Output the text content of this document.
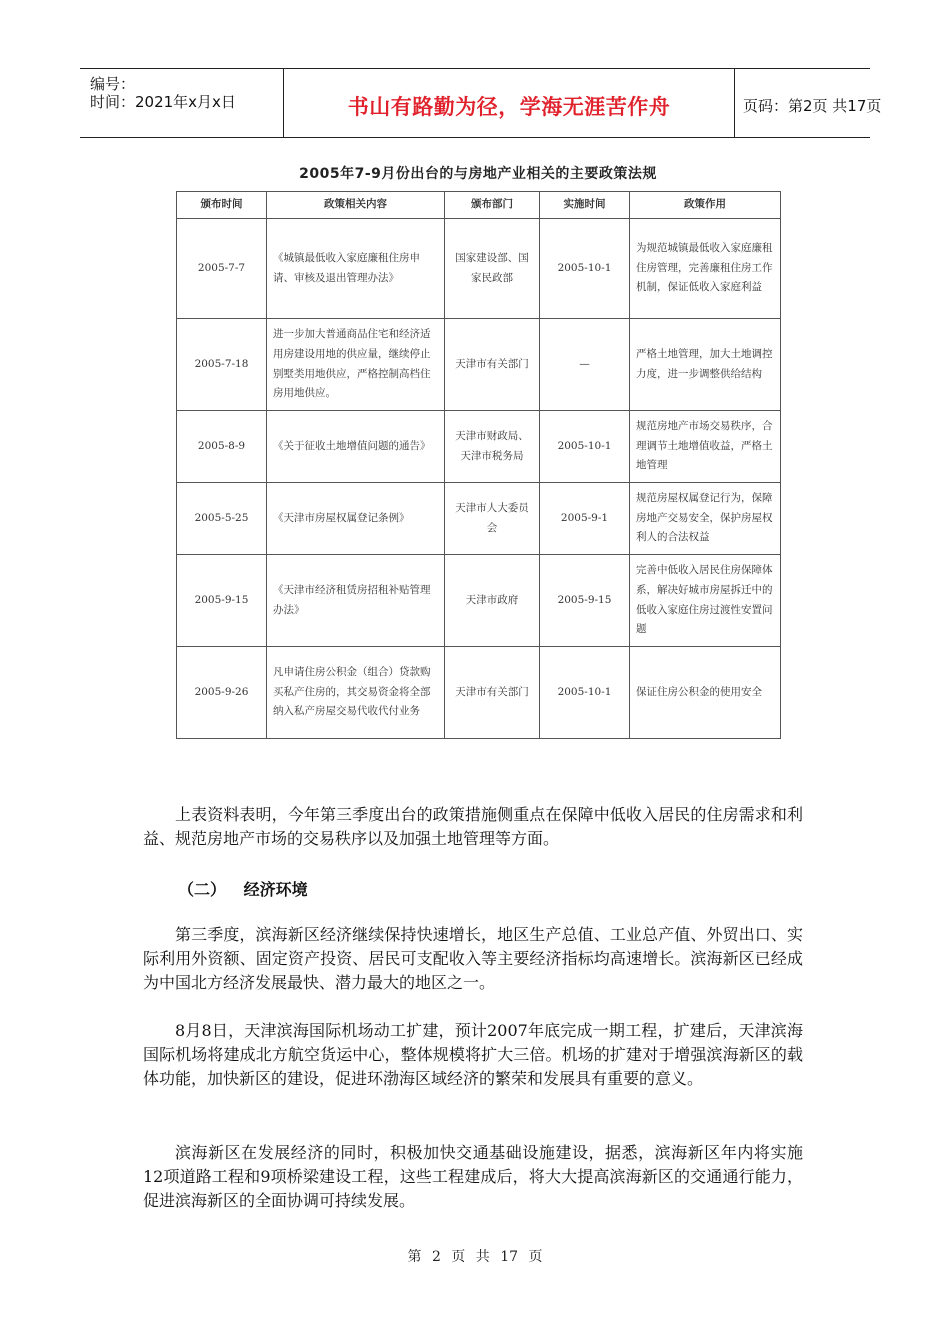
编号：
时间：2021年x月x日	书山有路勤为径，学海无涯苦作舟	页码：第2页 共17页
2005年7-9月份出台的与房地产业相关的主要政策法规
颁布时间	政策相关内容	颁布部门	实施时间	政策作用
2005-7-7	《城镇最低收入家庭廉租住房申请、审核及退出管理办法》	国家建设部、国家民政部	2005-10-1	为规范城镇最低收入家庭廉租住房管理，完善廉租住房工作机制，保证低收入家庭利益
2005-7-18	进一步加大普通商品住宅和经济适用房建设用地的供应量，继续停止别墅类用地供应，严格控制高档住房用地供应。	天津市有关部门	—	严格土地管理，加大土地调控力度，进一步调整供给结构
2005-8-9	《关于征收土地增值问题的通告》	天津市财政局、天津市税务局	2005-10-1	规范房地产市场交易秩序，合理调节土地增值收益，严格土地管理
2005-5-25	《天津市房屋权属登记条例》	天津市人大委员会	2005-9-1	规范房屋权属登记行为，保障房地产交易安全，保护房屋权利人的合法权益
2005-9-15	《天津市经济租赁房招租补贴管理办法》	天津市政府	2005-9-15	完善中低收入居民住房保障体系，解决好城市房屋拆迁中的低收入家庭住房过渡性安置问题
2005-9-26	凡申请住房公积金（组合）贷款购买私产住房的，其交易资金将全部纳入私产房屋交易代收代付业务	天津市有关部门	2005-10-1	保证住房公积金的使用安全
上表资料表明，今年第三季度出台的政策措施侧重点在保障中低收入居民的住房需求和利益、规范房地产市场的交易秩序以及加强土地管理等方面。
（二） 经济环境
第三季度，滨海新区经济继续保持快速增长，地区生产总值、工业总产值、外贸出口、实际利用外资额、固定资产投资、居民可支配收入等主要经济指标均高速增长。滨海新区已经成为中国北方经济发展最快、潜力最大的地区之一。
8月8日，天津滨海国际机场动工扩建，预计2007年底完成一期工程，扩建后，天津滨海国际机场将建成北方航空货运中心，整体规模将扩大三倍。机场的扩建对于增强滨海新区的载体功能，加快新区的建设，促进环渤海区域经济的繁荣和发展具有重要的意义。
滨海新区在发展经济的同时，积极加快交通基础设施建设，据悉，滨海新区年内将实施12项道路工程和9项桥梁建设工程，这些工程建成后，将大大提高滨海新区的交通通行能力，促进滨海新区的全面协调可持续发展。
第 2 页 共 17 页
